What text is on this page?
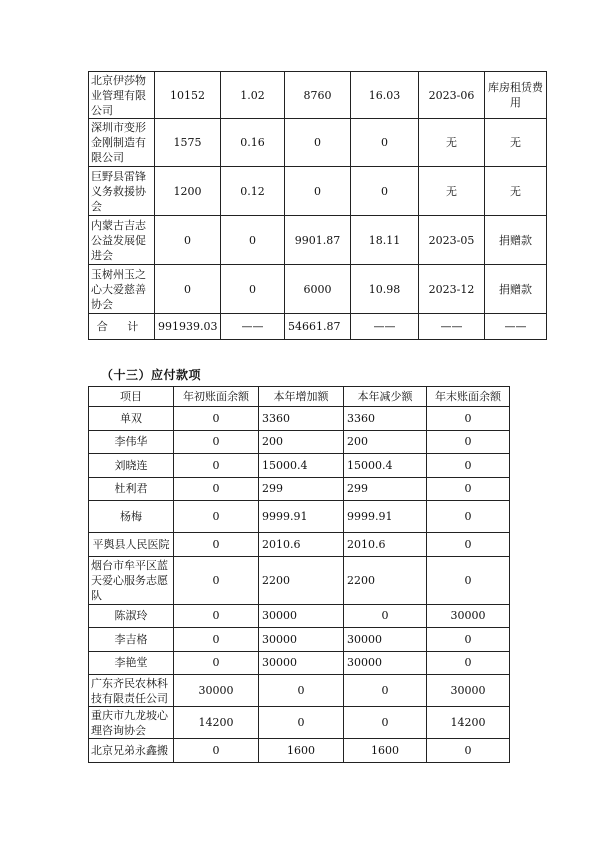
北京伊莎物业管理有限公司	10152	1.02	8760	16.03	2023-06	库房租赁费用
深圳市变形金刚制造有限公司	1575	0.16	0	0	无	无
巨野县雷锋义务救援协会	1200	0.12	0	0	无	无
内蒙古吉志公益发展促进会	0	0	9901.87	18.11	2023-05	捐赠款
玉树州玉之心大爱慈善协会	0	0	6000	10.98	2023-12	捐赠款
合 计	991939.03	——	54661.87	——	——	——
（十三）应付款项
项目	年初账面余额	本年增加额	本年减少额	年末账面余额
单双	0	3360	3360	0
李伟华	0	200	200	0
刘晓连	0	15000.4	15000.4	0
杜利君	0	299	299	0
杨梅	0	9999.91	9999.91	0
平舆县人民医院	0	2010.6	2010.6	0
烟台市牟平区蓝天爱心服务志愿队	0	2200	2200	0
陈淑玲	0	30000	0	30000
李吉格	0	30000	30000	0
李艳堂	0	30000	30000	0
广东齐民农林科技有限责任公司	30000	0	0	30000
重庆市九龙坡心理咨询协会	14200	0	0	14200
北京兄弟永鑫搬	0	1600	1600	0
